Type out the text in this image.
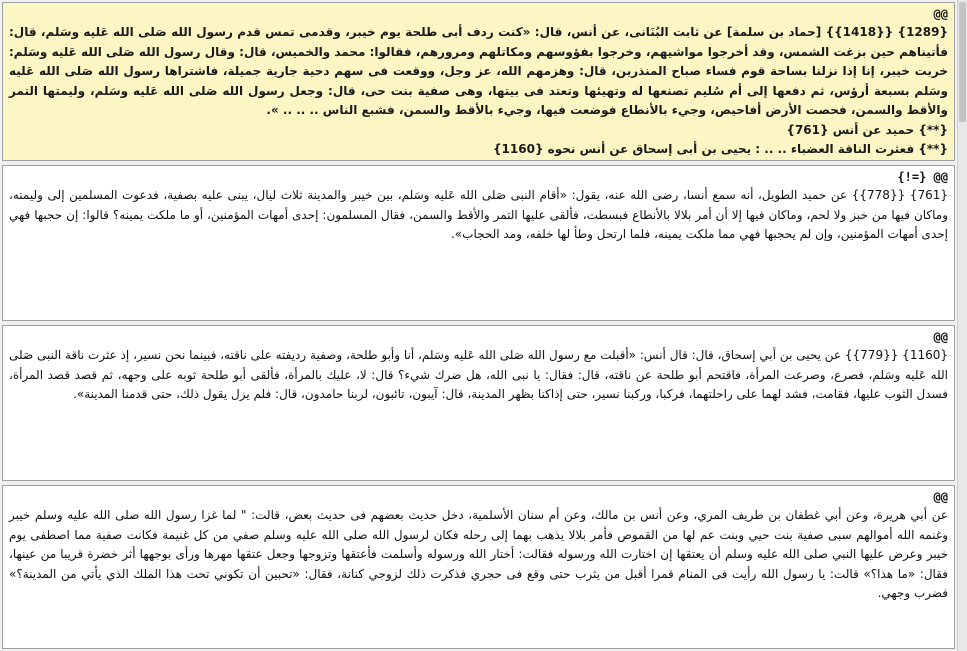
@@

{1289} {{1418}} [حماد بن سلمة] عن ثابت البُنَانى، عن أنس، قال: «كنت ردف أبى طلحة يوم خيبر، وقدمى تمس قدم رسول الله صَلى الله عَليه وسَلم، قال: فأتيناهم حين بزغت الشمس، وقد أخرجوا مواشيهم، وخرجوا بفؤوسهم ومكاتلهم ومرورهم، فقالوا: محمد والخميس، قال: وقال رسول الله صَلى الله عَليه وسَلم: خربت خيبر، إنا إذا نزلنا بساحة قوم فساء صباح المنذرين، قال: وهزمهم الله، عز وجل، ووقعت فى سهم دحية جارية جميلة، فاشتراها رسول الله صَلى الله عَليه وسَلم بسبعة أرؤس، ثم دفعها إلى أم سُليم تصنعها له وتهيئها وتعتد فى بيتها، وهى صفية بنت حى، قال: وجعل رسول الله صَلى الله عَليه وسَلم، وليمتها التمر والأقط والسمن، فحصت الأرض أفاحيص، وجيء بالأنطاع فوضعت فيها، وجيء بالأقط والسمن، فشبع الناس .. .. .. ».

{**} حميد عن أنس {761}

{**} فعثرت الناقة العضباء .. .. : يحيى بن أبى إسحاق عن أنس نحوه {1160}

@@ {=!}

{761} {{778}} عن حميد الطويل، أنه سمع أنسا، رضى الله عنه، يقول: «أقام النبى صَلى الله عَليه وسَلم، بين خيبر والمدينة ثلاث ليال، يبنى عليه بصفية، فدعوت المسلمين إلى وليمته، وماكان فيها من خبز ولا لحم، وماكان فيها إلا أن أمر بلالا بالأنطاع فبسطت، فألقى عليها التمر والأقط والسمن، فقال المسلمون: إحدى أمهات المؤمنين، أو ما ملكت يمينه؟ قالوا: إن حجبها فهي إحدى أمهات المؤمنين، وإن لم يحجبها فهي مما ملكت يمينه، فلما ارتحل وطأ لها خلفه، ومد الحجاب».

@@

{1160} {{779}} عن يحيى بن أبي إسحاق، قال: قال أنس: «أقبلت مع رسول الله صَلى الله عَليه وسَلم، أنا وأبو طلحة، وصفية رديفته على ناقته، فبينما نحن نسير، إذ عثرت ناقة النبى صَلى الله عَليه وسَلم، فصرع، وصرعت المرأة، فاقتحم أبو طلحة عن ناقته، قال: فقال: يا نبى الله، هل ضرك شيء؟ قال: لا، عليك بالمرأة، فألقى أبو طلحة ثوبه على وجهه، ثم قصد قصد المرأة، فسدل الثوب عليها، فقامت، فشد لهما على راحلتهما، فركبا، وركبنا نسير، حتى إذاكنا بظهر المدينة، قال: آيبون، تائبون، لربنا حامدون، قال: فلم يزل يقول ذلك، حتى قدمنا المدينة».

@@

عن أبي هريرة، وعن أبي غطفان بن طريف المري، وعن أنس بن مالك، وعن أم سنان الأسلمية، دخل حديث بعضهم فى حديث بعض، قالت: " لما غزا رسول الله صلى الله عليه وسلم خيبر وغنمه الله أموالهم سبى صفية بنت حيي وبنت عم لها من القموص فأمر بلالا يذهب بهما إلى رحله فكان لرسول الله صلى الله عليه وسلم صفي من كل غنيمة فكانت صفية مما اصطفى يوم خيبر وعرض عليها النبي صلى الله عليه وسلم أن يعتقها إن اختارت الله ورسوله فقالت: أختار الله ورسوله وأسلمت فأعتقها وتزوجها وجعل عتقها مهرها ورأى بوجهها أثر خضرة قريبا من عينها، فقال: «ما هذا؟» قالت: يا رسول الله رأيت فى المنام قمرا أقبل من يثرب حتى وقع فى حجري فذكرت ذلك لزوجي كنانة، فقال: «تحبين أن تكوني تحت هذا الملك الذي يأتي من المدينة؟» فضرب وجهي.
